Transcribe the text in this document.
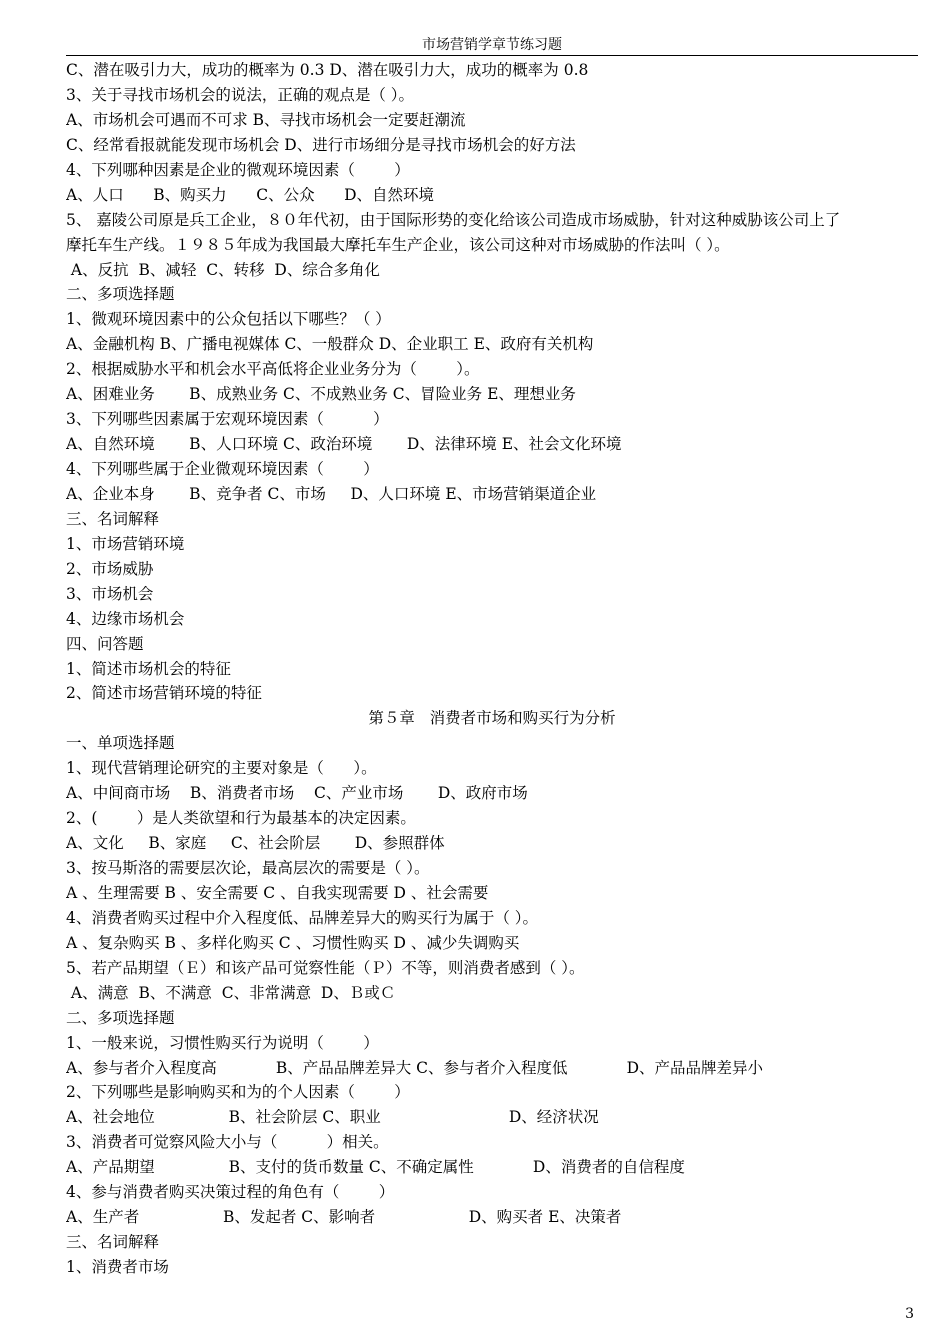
市场营销学章节练习题
C、潜在吸引力大，成功的概率为 0.3 D、潜在吸引力大，成功的概率为 0.8
3、关于寻找市场机会的说法，正确的观点是（ ）。
A、市场机会可遇而不可求 B、寻找市场机会一定要赶潮流
C、经常看报就能发现市场机会 D、进行市场细分是寻找市场机会的好方法
4、下列哪种因素是企业的微观环境因素（        ）
A、人口      B、购买力      C、公众      D、自然环境
5、 嘉陵公司原是兵工企业，８０年代初，由于国际形势的变化给该公司造成市场威胁，针对这种威胁该公司上了
摩托车生产线。１９８５年成为我国最大摩托车生产企业，该公司这种对市场威胁的作法叫（ ）。
A、反抗  B、减轻  C、转移  D、综合多角化
二、多项选择题
1、微观环境因素中的公众包括以下哪些？（ ）
A、金融机构 B、广播电视媒体 C、一般群众 D、企业职工 E、政府有关机构
2、根据威胁水平和机会水平高低将企业业务分为（        ）。
A、困难业务       B、成熟业务 C、不成熟业务 C、冒险业务 E、理想业务
3、下列哪些因素属于宏观环境因素（          ）
A、自然环境       B、人口环境 C、政治环境       D、法律环境 E、社会文化环境
4、下列哪些属于企业微观环境因素（        ）
A、企业本身       B、竞争者 C、市场     D、人口环境 E、市场营销渠道企业
三、名词解释
1、市场营销环境
2、市场威胁
3、市场机会
4、边缘市场机会
四、问答题
1、简述市场机会的特征
2、简述市场营销环境的特征
第５章   消费者市场和购买行为分析
一、单项选择题
1、现代营销理论研究的主要对象是（      ）。
A、中间商市场    B、消费者市场    C、产业市场       D、政府市场
2、(        ）是人类欲望和行为最基本的决定因素。
A、文化     B、家庭     C、社会阶层       D、参照群体
3、按马斯洛的需要层次论，最高层次的需要是（ ）。
A 、生理需要 B 、安全需要 C 、自我实现需要 D 、社会需要
4、消费者购买过程中介入程度低、品牌差异大的购买行为属于（ ）。
A 、复杂购买 B 、多样化购买 C 、习惯性购买 D 、减少失调购买
5、若产品期望（Ｅ）和该产品可觉察性能（Ｐ）不等，则消费者感到（ ）。
A、满意  B、不满意  C、非常满意  D、Ｂ或Ｃ
二、多项选择题
1、一般来说，习惯性购买行为说明（        ）
A、参与者介入程度高            B、产品品牌差异大 C、参与者介入程度低            D、产品品牌差异小
2、下列哪些是影响购买和为的个人因素（        ）
A、社会地位               B、社会阶层 C、职业                          D、经济状况
3、消费者可觉察风险大小与（          ）相关。
A、产品期望               B、支付的货币数量 C、不确定属性            D、消费者的自信程度
4、参与消费者购买决策过程的角色有（        ）
A、生产者                 B、发起者 C、影响者                   D、购买者 E、决策者
三、名词解释
1、消费者市场
3
